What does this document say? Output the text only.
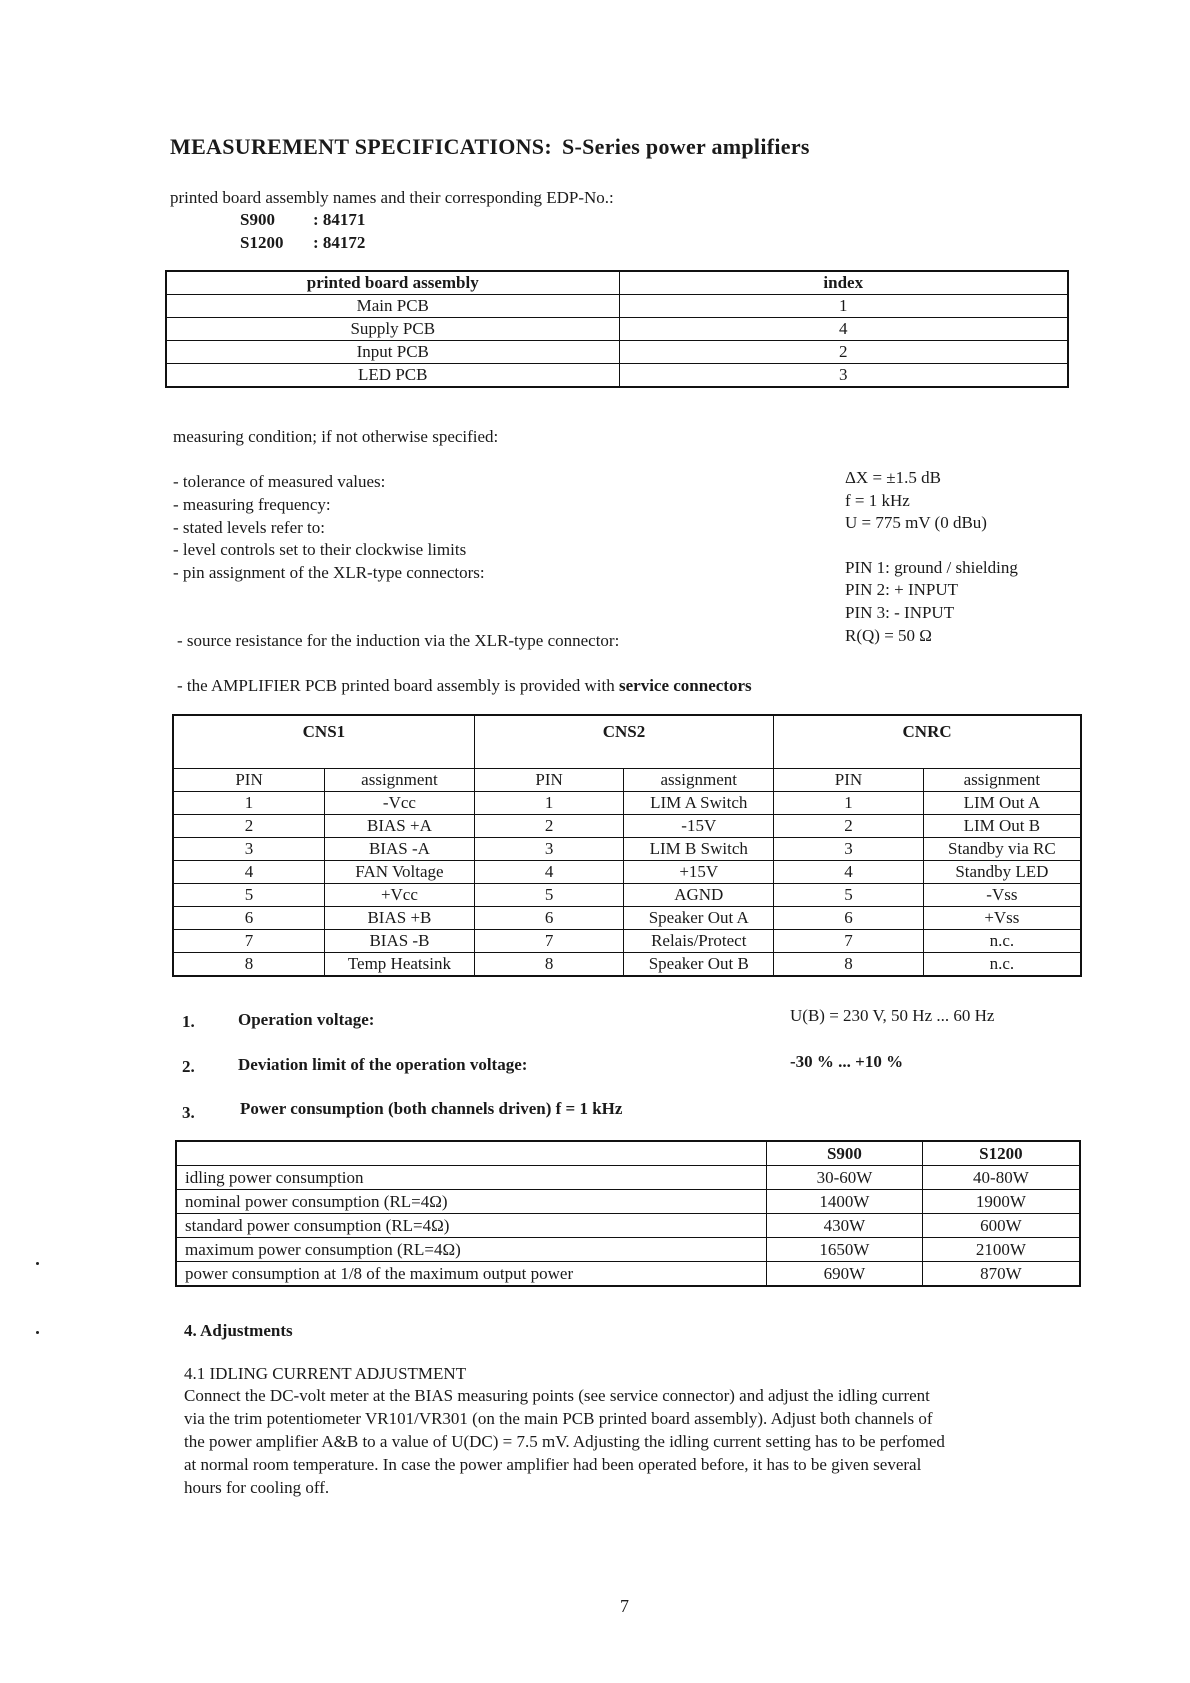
MEASUREMENT SPECIFICATIONS: S-Series power amplifiers
printed board assembly names and their corresponding EDP-No.:
S900 : 84171
S1200 : 84172
printed board assembly	index
Main PCB	1
Supply PCB	4
Input PCB	2
LED PCB	3
measuring condition; if not otherwise specified:
- tolerance of measured values:	ΔX = ±1.5 dB
- measuring frequency:	f = 1 kHz
- stated levels refer to:	U = 775 mV (0 dBu)
- level controls set to their clockwise limits
- pin assignment of the XLR-type connectors:	PIN 1: ground / shielding
PIN 2: + INPUT
PIN 3: - INPUT
- source resistance for the induction via the XLR-type connector:	R(Q) = 50 Ω
- the AMPLIFIER PCB printed board assembly is provided with service connectors
CNS1		CNS2		CNRC	
PIN	assignment	PIN	assignment	PIN	assignment
1	-Vcc	1	LIM A Switch	1	LIM Out A
2	BIAS +A	2	-15V	2	LIM Out B
3	BIAS -A	3	LIM B Switch	3	Standby via RC
4	FAN Voltage	4	+15V	4	Standby LED
5	+Vcc	5	AGND	5	-Vss
6	BIAS +B	6	Speaker Out A	6	+Vss
7	BIAS -B	7	Relais/Protect	7	n.c.
8	Temp Heatsink	8	Speaker Out B	8	n.c.
1.	Operation voltage:	U(B) = 230 V, 50 Hz ... 60 Hz
2.	Deviation limit of the operation voltage:	-30 % ... +10 %
3.	Power consumption (both channels driven) f = 1 kHz
	S900	S1200
idling power consumption	30-60W	40-80W
nominal power consumption (RL=4Ω)	1400W	1900W
standard power consumption (RL=4Ω)	430W	600W
maximum power consumption (RL=4Ω)	1650W	2100W
power consumption at 1/8 of the maximum output power	690W	870W
4. Adjustments
4.1 IDLING CURRENT ADJUSTMENT
Connect the DC-volt meter at the BIAS measuring points (see service connector) and adjust the idling current
via the trim potentiometer VR101/VR301 (on the main PCB printed board assembly). Adjust both channels of
the power amplifier A&B to a value of U(DC) = 7.5 mV. Adjusting the idling current setting has to be perfomed
at normal room temperature. In case the power amplifier had been operated before, it has to be given several
hours for cooling off.
7
